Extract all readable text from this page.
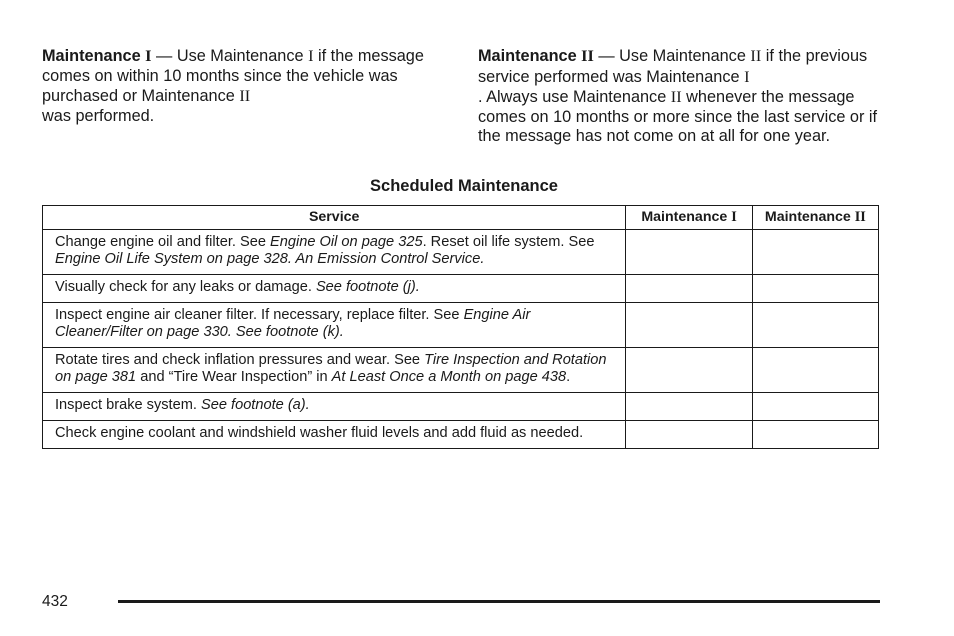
Maintenance I — Use Maintenance I if the message comes on within 10 months since the vehicle was purchased or Maintenance II
was performed.
Maintenance II — Use Maintenance II if the previous service performed was Maintenance I
. Always use Maintenance II whenever the message comes on 10 months or more since the last service or if the message has not come on at all for one year.
Scheduled Maintenance
Service	Maintenance I	Maintenance II
Change engine oil and filter. See Engine Oil on page 325. Reset oil life system. See Engine Oil Life System on page 328. An Emission Control Service.		
Visually check for any leaks or damage. See footnote (j).		
Inspect engine air cleaner filter. If necessary, replace filter. See Engine Air Cleaner/Filter on page 330. See footnote (k).		
Rotate tires and check inflation pressures and wear. See Tire Inspection and Rotation on page 381 and “Tire Wear Inspection” in At Least Once a Month on page 438.		
Inspect brake system. See footnote (a).		
Check engine coolant and windshield washer fluid levels and add fluid as needed.		
432
